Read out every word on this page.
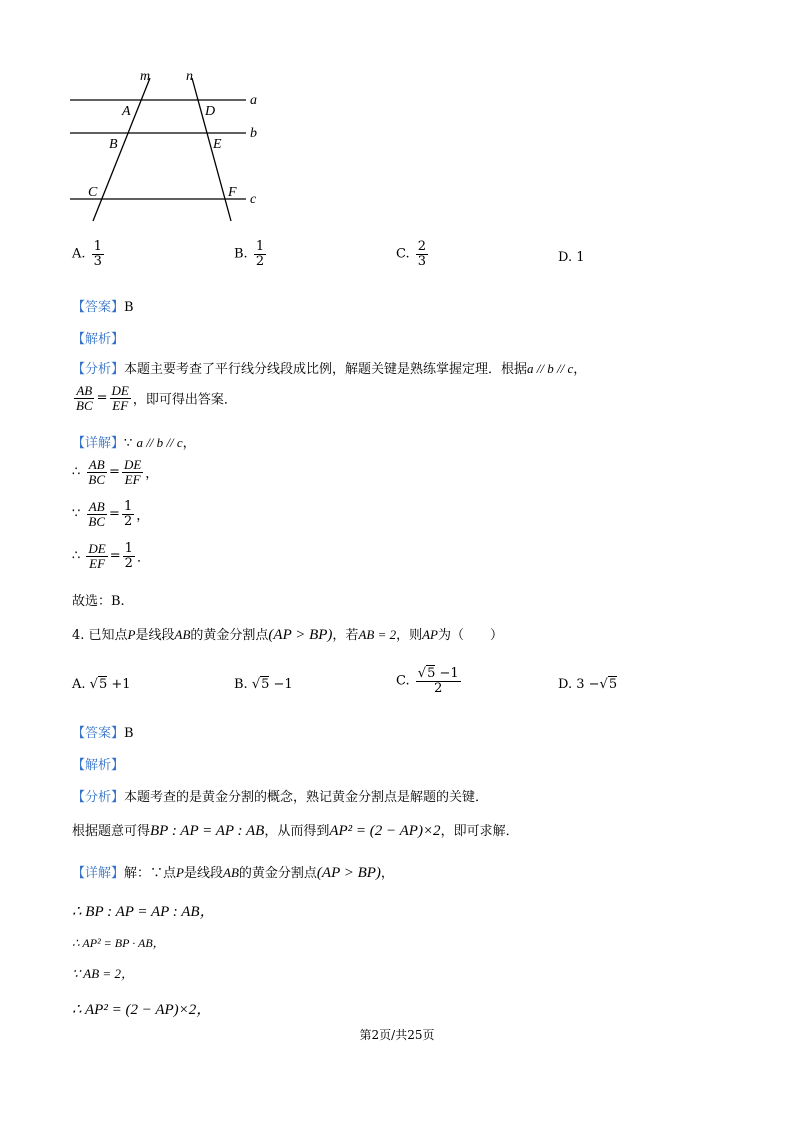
m	n
a
b
c
A
B
C
D
E
F
A. $\frac{1}{3}$	B. $\frac{1}{2}$	C. $\frac{2}{3}$	D. 1
【答案】B
【解析】
【分析】本题主要考查了平行线分线段成比例，解题关键是熟练掌握定理．根据a // b // c，
$\frac{AB}{BC} = \frac{DE}{EF}$ ，即可得出答案．
【详解】∵ a // b // c，
∴ $\frac{AB}{BC} = \frac{DE}{EF}$ ，
∵ $\frac{AB}{BC} = \frac{1}{2}$ ，
∴ $\frac{DE}{EF} = \frac{1}{2}$ ．
故选：B.
4. 已知点P是线段AB的黄金分割点(AP > BP)，若AB = 2，则AP为（　　）
A. √5 +1	B. √5 −1	C. $\frac{√5 -1}{2}$	D. 3 −√5
【答案】B
【解析】
【分析】本题考查的是黄金分割的概念，熟记黄金分割点是解题的关键．
根据题意可得BP : AP = AP : AB，从而得到AP² = (2 − AP)×2，即可求解．
【详解】解：∵点P是线段AB的黄金分割点(AP > BP)，
∴ BP : AP = AP : AB，
∴ AP² = BP · AB，
∵ AB = 2，
∴ AP² = (2 − AP)×2，
第2页/共25页
